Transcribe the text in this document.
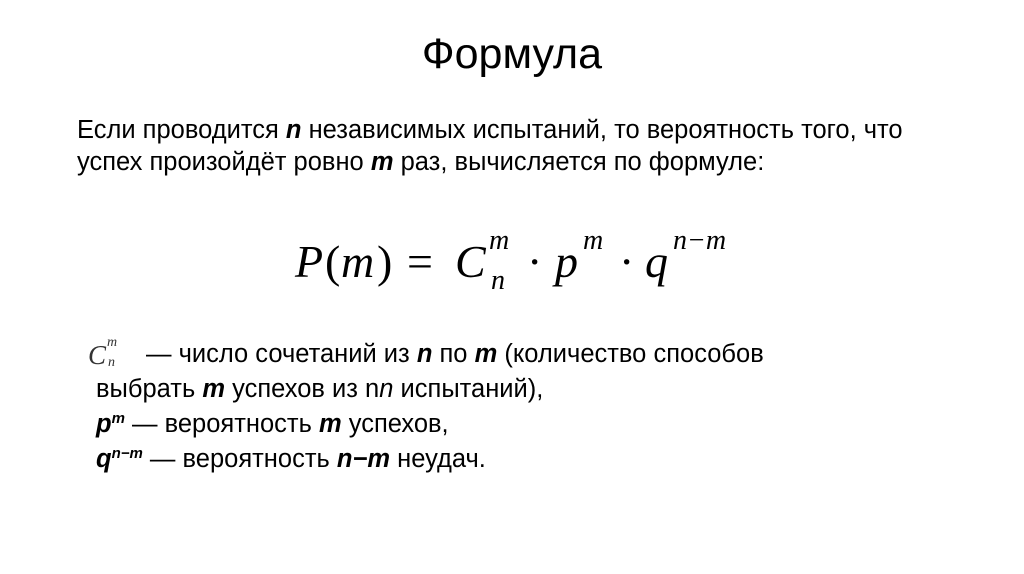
Формула
Если проводится n независимых испытаний, то вероятность того, что успех произойдёт ровно m раз, вычисляется по формуле:
P ( m ) = C m
n · p m · q n−m
C m
n	— число сочетаний из n по m (количество способов
выбрать m успехов из nn испытаний),
$p^m$ — вероятность m успехов,
$q^{n-m}$ — вероятность n−m неудач.
